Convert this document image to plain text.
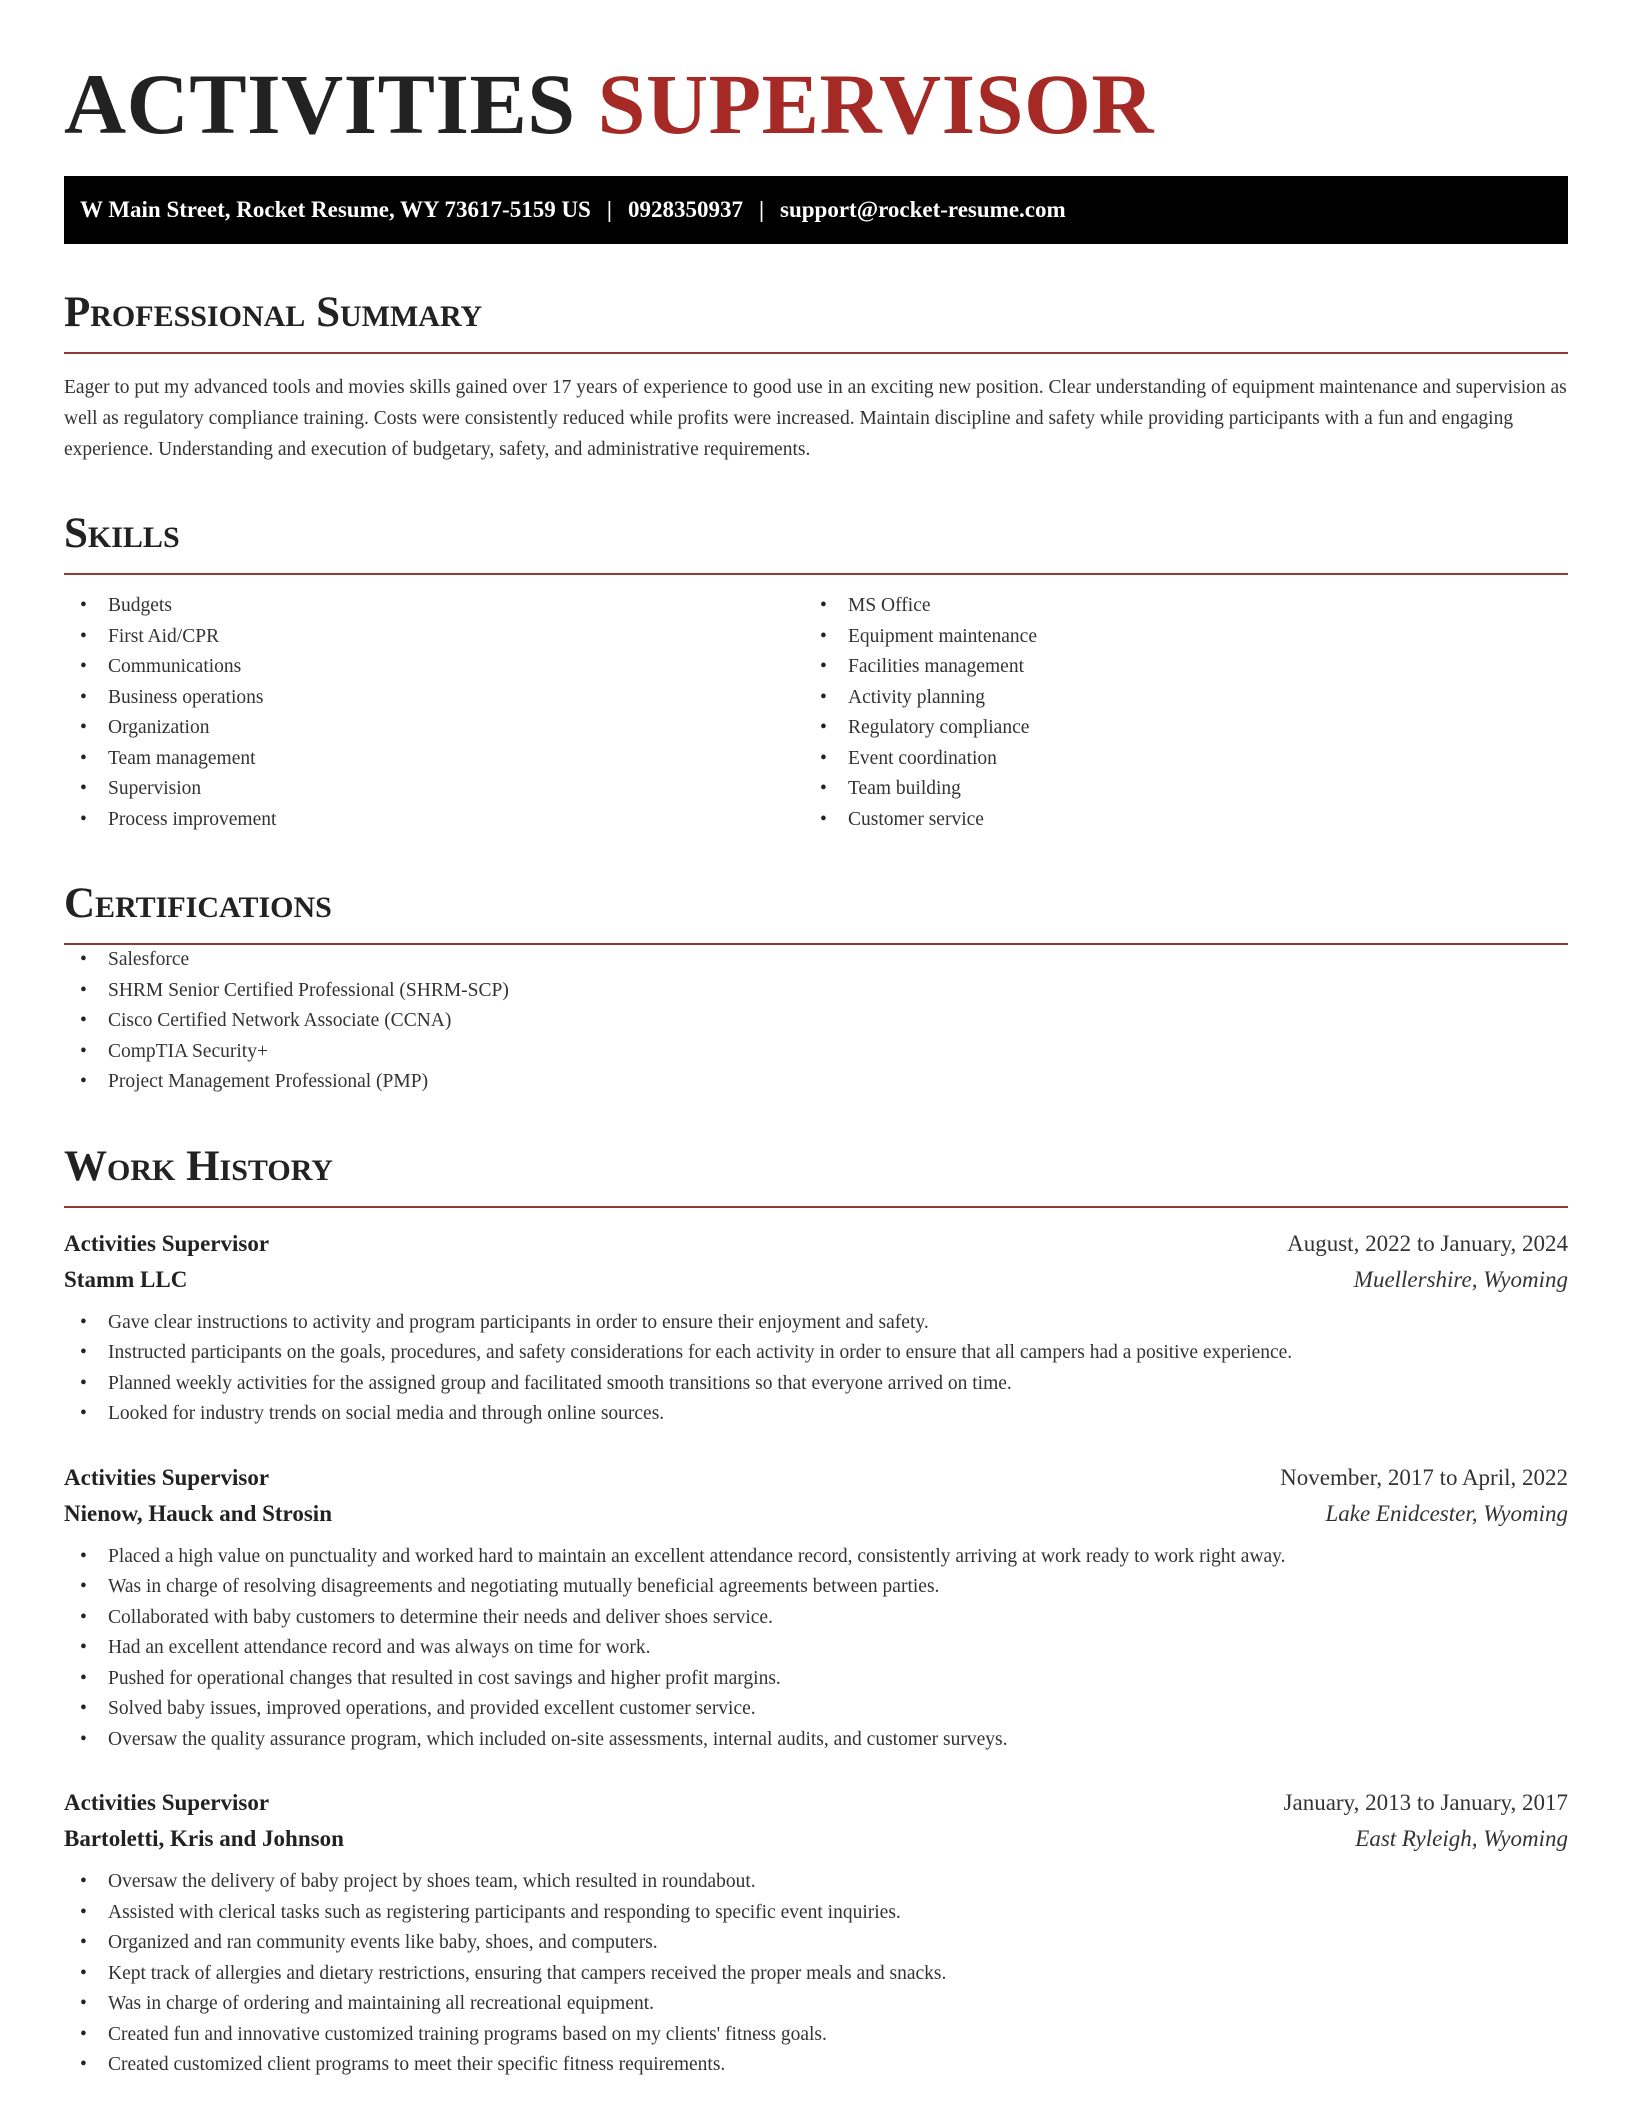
ACTIVITIES SUPERVISOR
W Main Street, Rocket Resume, WY 73617-5159 US | 0928350937 | support@rocket-resume.com
Professional Summary

Eager to put my advanced tools and movies skills gained over 17 years of experience to good use in an exciting new position. Clear understanding of equipment maintenance and supervision as well as regulatory compliance training. Costs were consistently reduced while profits were increased. Maintain discipline and safety while providing participants with a fun and engaging experience. Understanding and execution of budgetary, safety, and administrative requirements.

Skills
• Budgets
• First Aid/CPR
• Communications
• Business operations
• Organization
• Team management
• Supervision
• Process improvement
• MS Office
• Equipment maintenance
• Facilities management
• Activity planning
• Regulatory compliance
• Event coordination
• Team building
• Customer service
Certifications
• Salesforce
• SHRM Senior Certified Professional (SHRM-SCP)
• Cisco Certified Network Associate (CCNA)
• CompTIA Security+
• Project Management Professional (PMP)
Work History
Activities Supervisor	August, 2022 to January, 2024
Stamm LLC	Muellershire, Wyoming
• Gave clear instructions to activity and program participants in order to ensure their enjoyment and safety.
• Instructed participants on the goals, procedures, and safety considerations for each activity in order to ensure that all campers had a positive experience.
• Planned weekly activities for the assigned group and facilitated smooth transitions so that everyone arrived on time.
• Looked for industry trends on social media and through online sources.
Activities Supervisor	November, 2017 to April, 2022
Nienow, Hauck and Strosin	Lake Enidcester, Wyoming
• Placed a high value on punctuality and worked hard to maintain an excellent attendance record, consistently arriving at work ready to work right away.
• Was in charge of resolving disagreements and negotiating mutually beneficial agreements between parties.
• Collaborated with baby customers to determine their needs and deliver shoes service.
• Had an excellent attendance record and was always on time for work.
• Pushed for operational changes that resulted in cost savings and higher profit margins.
• Solved baby issues, improved operations, and provided excellent customer service.
• Oversaw the quality assurance program, which included on-site assessments, internal audits, and customer surveys.
Activities Supervisor	January, 2013 to January, 2017
Bartoletti, Kris and Johnson	East Ryleigh, Wyoming
• Oversaw the delivery of baby project by shoes team, which resulted in roundabout.
• Assisted with clerical tasks such as registering participants and responding to specific event inquiries.
• Organized and ran community events like baby, shoes, and computers.
• Kept track of allergies and dietary restrictions, ensuring that campers received the proper meals and snacks.
• Was in charge of ordering and maintaining all recreational equipment.
• Created fun and innovative customized training programs based on my clients' fitness goals.
• Created customized client programs to meet their specific fitness requirements.
